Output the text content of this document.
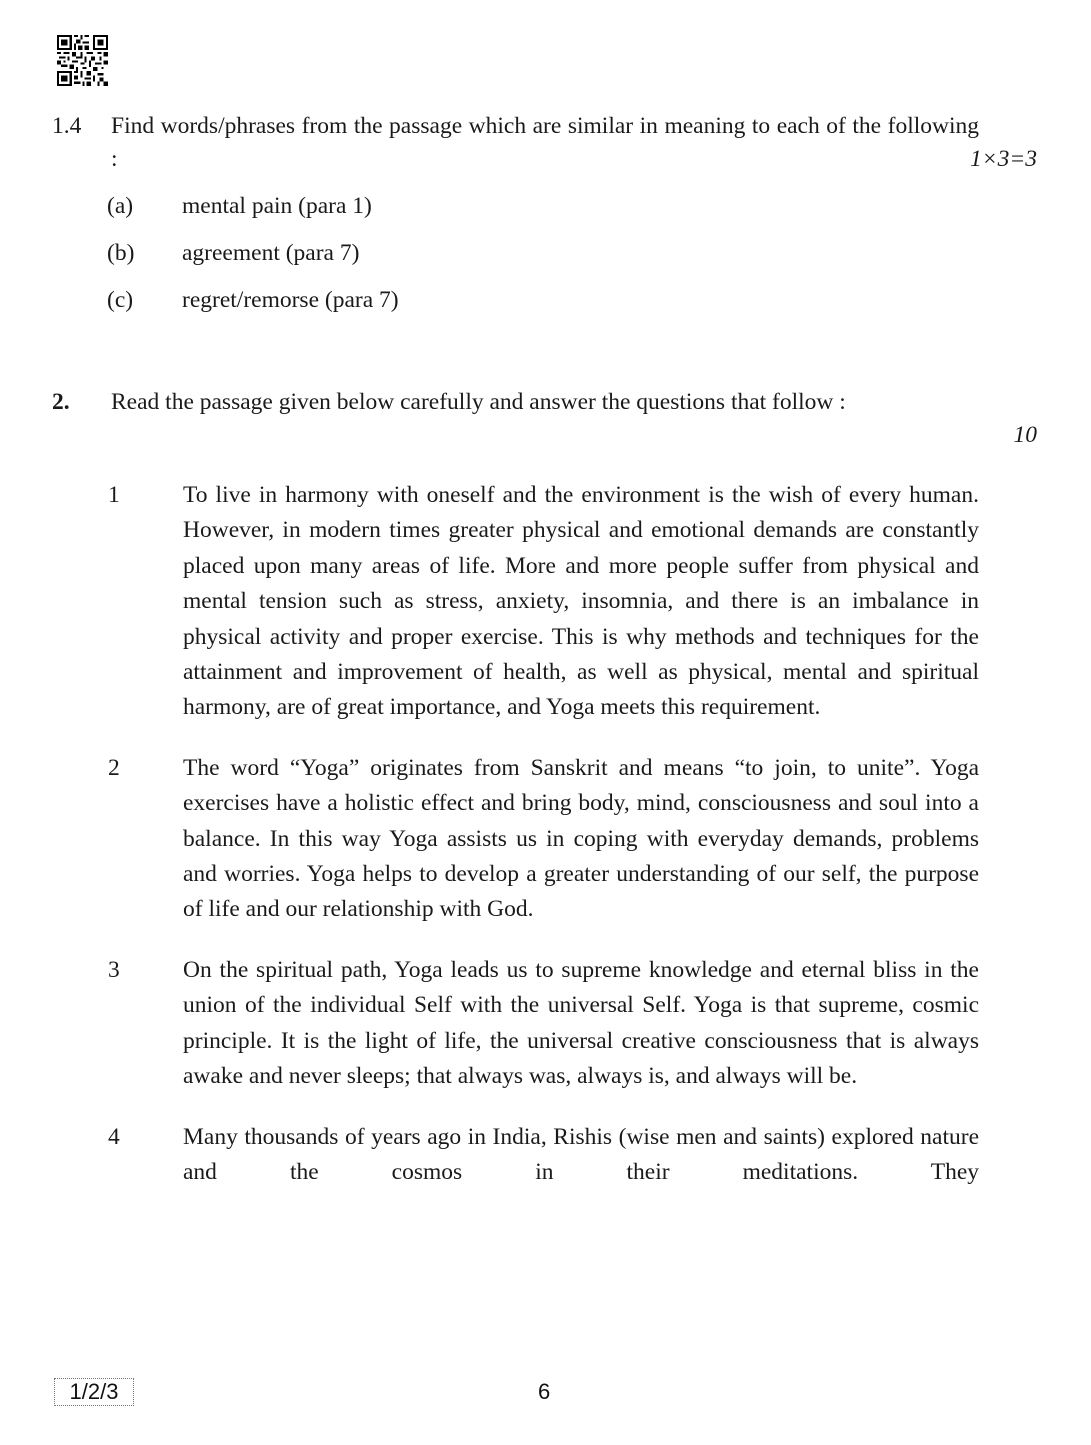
1.4 Find words/phrases from the passage which are similar in meaning to each of the following :	1×3=3
(a) mental pain (para 1)
(b) agreement (para 7)
(c) regret/remorse (para 7)
2. Read the passage given below carefully and answer the questions that follow :
10
1	To live in harmony with oneself and the environment is the wish of every human. However, in modern times greater physical and emotional demands are constantly placed upon many areas of life. More and more people suffer from physical and mental tension such as stress, anxiety, insomnia, and there is an imbalance in physical activity and proper exercise. This is why methods and techniques for the attainment and improvement of health, as well as physical, mental and spiritual harmony, are of great importance, and Yoga meets this requirement.
2	The word “Yoga” originates from Sanskrit and means “to join, to unite”. Yoga exercises have a holistic effect and bring body, mind, consciousness and soul into a balance. In this way Yoga assists us in coping with everyday demands, problems and worries. Yoga helps to develop a greater understanding of our self, the purpose of life and our relationship with God.
3	On the spiritual path, Yoga leads us to supreme knowledge and eternal bliss in the union of the individual Self with the universal Self. Yoga is that supreme, cosmic principle. It is the light of life, the universal creative consciousness that is always awake and never sleeps; that always was, always is, and always will be.
4	Many thousands of years ago in India, Rishis (wise men and saints) explored nature and the cosmos in their meditations. They
1/2/3	6
